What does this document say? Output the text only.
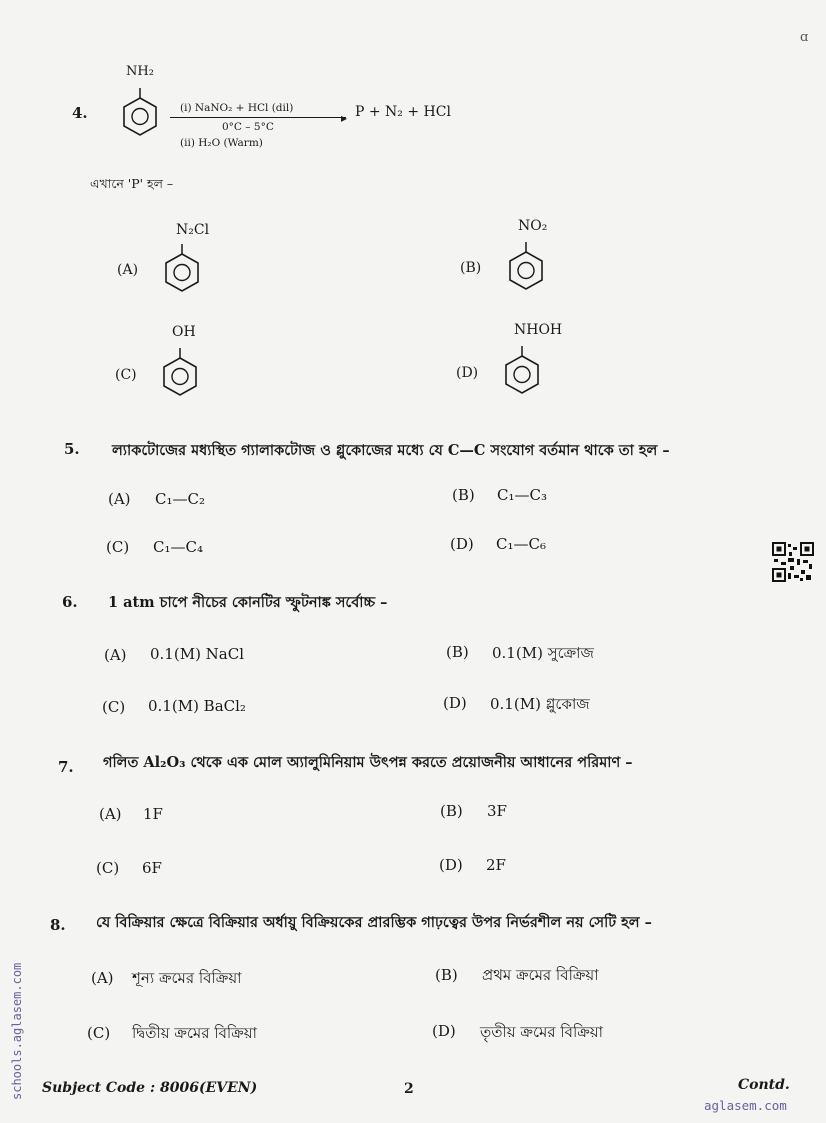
ɑ
4.
NH₂
(i) NaNO₂ + HCl (dil)
▸
0°C – 5°C
(ii) H₂O (Warm)
P + N₂ + HCl
এখানে 'P' হল –
(A)
N₂Cl
(B)
NO₂
(C)
OH
(D)
NHOH
5. ল্যাকটোজের মধ্যস্থিত গ্যালাকটোজ ও গ্লুকোজের মধ্যে যে C—C সংযোগ বর্তমান থাকে তা হল –
(A) C₁—C₂	(B) C₁—C₃
(C) C₁—C₄	(D) C₁—C₆
6. 1 atm চাপে নীচের কোনটির স্ফুটনাঙ্ক সর্বোচ্চ –
(A) 0.1(M) NaCl	(B) 0.1(M) সুক্রোজ
(C) 0.1(M) BaCl₂	(D) 0.1(M) গ্লুকোজ
7. গলিত Al₂O₃ থেকে এক মোল অ্যালুমিনিয়াম উৎপন্ন করতে প্রয়োজনীয় আধানের পরিমাণ –
(A) 1F	(B) 3F
(C) 6F	(D) 2F
8. যে বিক্রিয়ার ক্ষেত্রে বিক্রিয়ার অর্ধায়ু বিক্রিয়কের প্রারম্ভিক গাঢ়ত্বের উপর নির্ভরশীল নয় সেটি হল –
(A) শূন্য ক্রমের বিক্রিয়া	(B) প্রথম ক্রমের বিক্রিয়া
(C) দ্বিতীয় ক্রমের বিক্রিয়া	(D) তৃতীয় ক্রমের বিক্রিয়া
Subject Code : 8006(EVEN)	2	Contd.
schools.aglasem.com
aglasem.com
